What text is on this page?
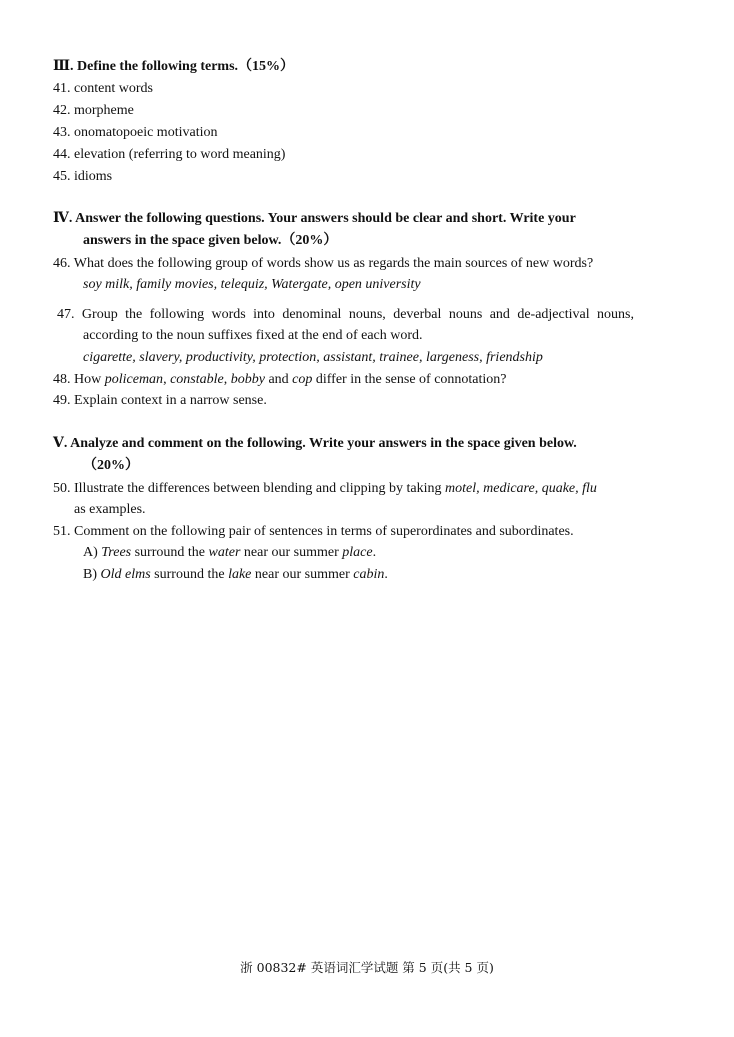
Ⅲ. Define the following terms.（15%）
41. content words
42. morpheme
43. onomatopoeic motivation
44. elevation (referring to word meaning)
45. idioms
Ⅳ. Answer the following questions. Your answers should be clear and short. Write your
answers in the space given below.（20%）
46. What does the following group of words show us as regards the main sources of new words?
soy milk, family movies, telequiz, Watergate, open university
47. Group the following words into denominal nouns, deverbal nouns and de-adjectival nouns,
according to the noun suffixes fixed at the end of each word.
cigarette, slavery, productivity, protection, assistant, trainee, largeness, friendship
48. How policeman, constable, bobby and cop differ in the sense of connotation?
49. Explain context in a narrow sense.
Ⅴ. Analyze and comment on the following. Write your answers in the space given below.
（20%）
50. Illustrate the differences between blending and clipping by taking motel, medicare, quake, flu
as examples.
51. Comment on the following pair of sentences in terms of superordinates and subordinates.
A) Trees surround the water near our summer place.
B) Old elms surround the lake near our summer cabin.
浙 00832# 英语词汇学试题 第 5 页(共 5 页)
